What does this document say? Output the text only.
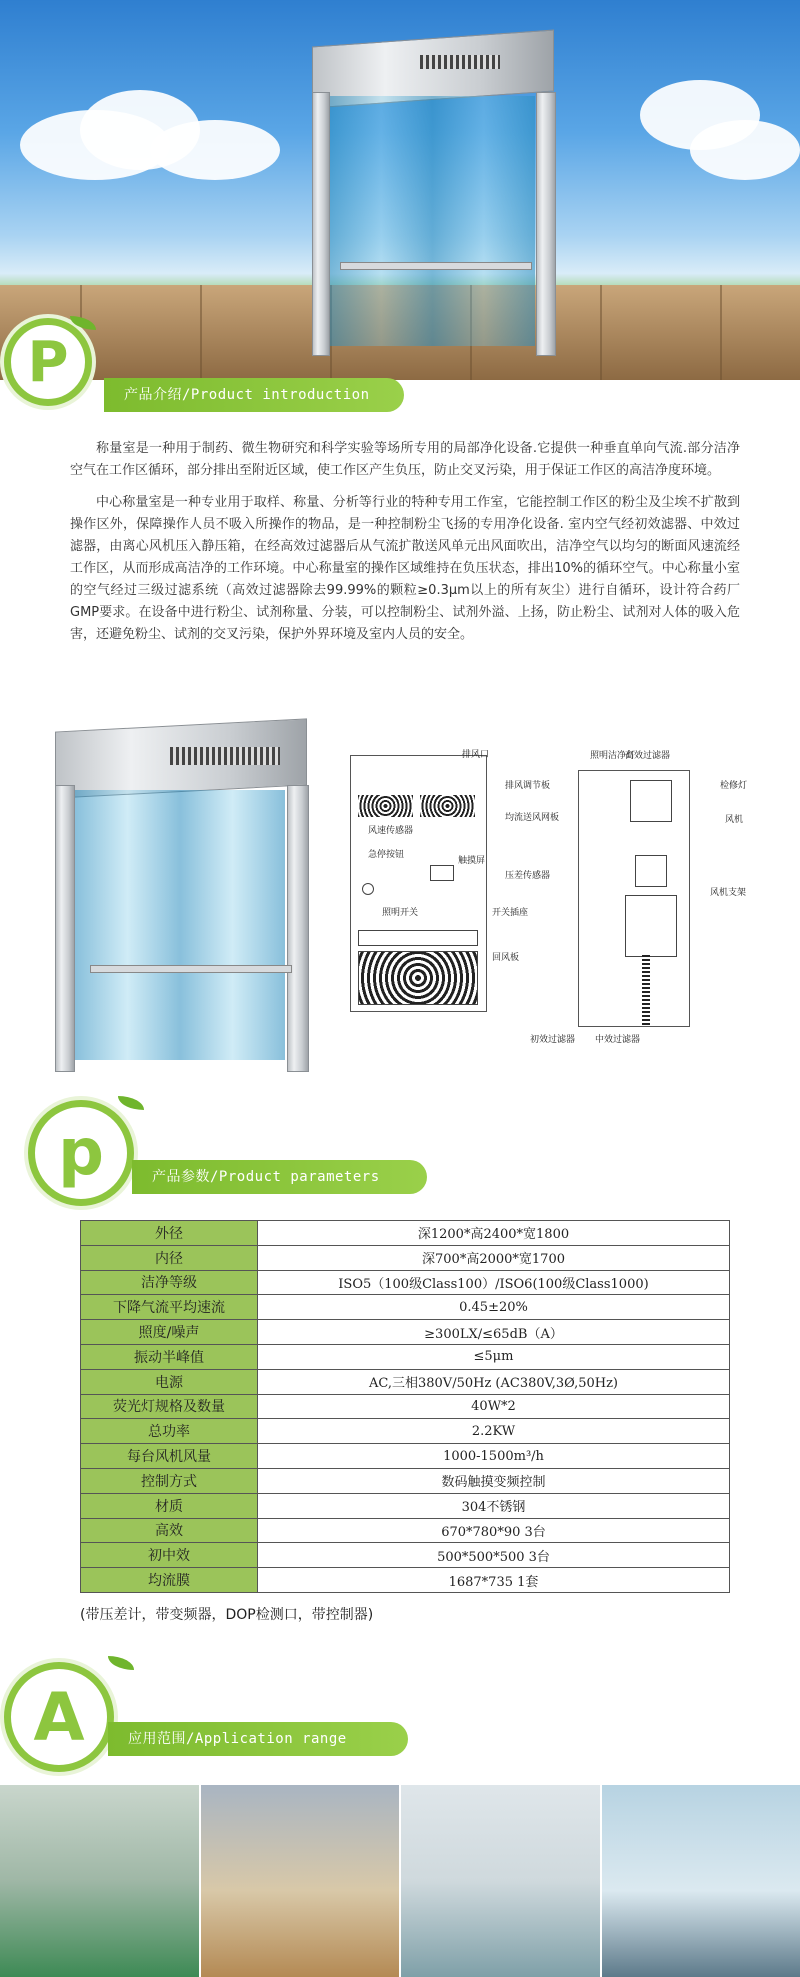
P
产品介绍/Product introduction

称量室是一种用于制药、微生物研究和科学实验等场所专用的局部净化设备.它提供一种垂直单向气流.部分洁净空气在工作区循环，部分排出至附近区域，使工作区产生负压，防止交叉污染，用于保证工作区的高洁净度环境。

中心称量室是一种专业用于取样、称量、分析等行业的特种专用工作室，它能控制工作区的粉尘及尘埃不扩散到操作区外，保障操作人员不吸入所操作的物品，是一种控制粉尘飞扬的专用净化设备. 室内空气经初效滤器、中效过滤器，由离心风机压入静压箱，在经高效过滤器后从气流扩散送风单元出风面吹出，洁净空气以均匀的断面风速流经工作区，从而形成高洁净的工作环境。中心称量室的操作区域维持在负压状态，排出10%的循环空气。中心称量小室的空气经过三级过滤系统（高效过滤器除去99.99%的颗粒≥0.3μm以上的所有灰尘）进行自循环，设计符合药厂GMP要求。在设备中进行粉尘、试剂称量、分装，可以控制粉尘、试剂外溢、上扬，防止粉尘、试剂对人体的吸入危害，还避免粉尘、试剂的交叉污染，保护外界环境及室内人员的安全。

排风口
风速传感器
急停按钮
触摸屏
照明开关	开关插座
回风板
照明洁净灯
高效过滤器
排风调节板	检修灯
均流送风网板	风机
压差传感器
风机支架
初效过滤器 中效过滤器
p	产品参数/Product parameters
外径	深1200*高2400*宽1800
内径	深700*高2000*宽1700
洁净等级	ISO5（100级Class100）/ISO6(100级Class1000)
下降气流平均速流	0.45±20%
照度/噪声	≥300LX/≤65dB（A）
振动半峰值	≤5μm
电源	AC,三相380V/50Hz (AC380V,3Ø,50Hz)
荧光灯规格及数量	40W*2
总功率	2.2KW
每台风机风量	1000-1500m³/h
控制方式	数码触摸变频控制
材质	304不锈钢
高效	670*780*90 3台
初中效	500*500*500 3台
均流膜	1687*735 1套
(带压差计，带变频器，DOP检测口，带控制器)
A	应用范围/Application range
